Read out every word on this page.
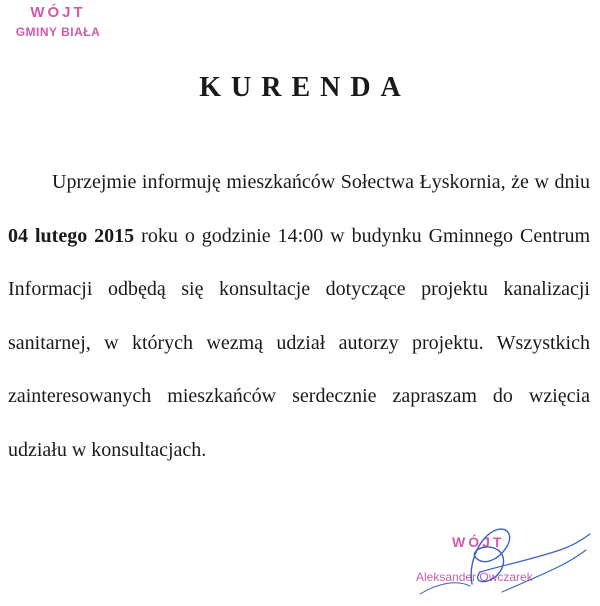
WÓJT
GMINY BIAŁA
KURENDA

Uprzejmie informuję mieszkańców Sołectwa Łyskornia, że w dniu 04 lutego 2015 roku o godzinie 14:00 w budynku Gminnego Centrum Informacji odbędą się konsultacje dotyczące projektu kanalizacji sanitarnej, w których wezmą udział autorzy projektu. Wszystkich zainteresowanych mieszkańców serdecznie zapraszam do wzięcia udziału w konsultacjach.

WÓJT
Aleksander Owczarek
